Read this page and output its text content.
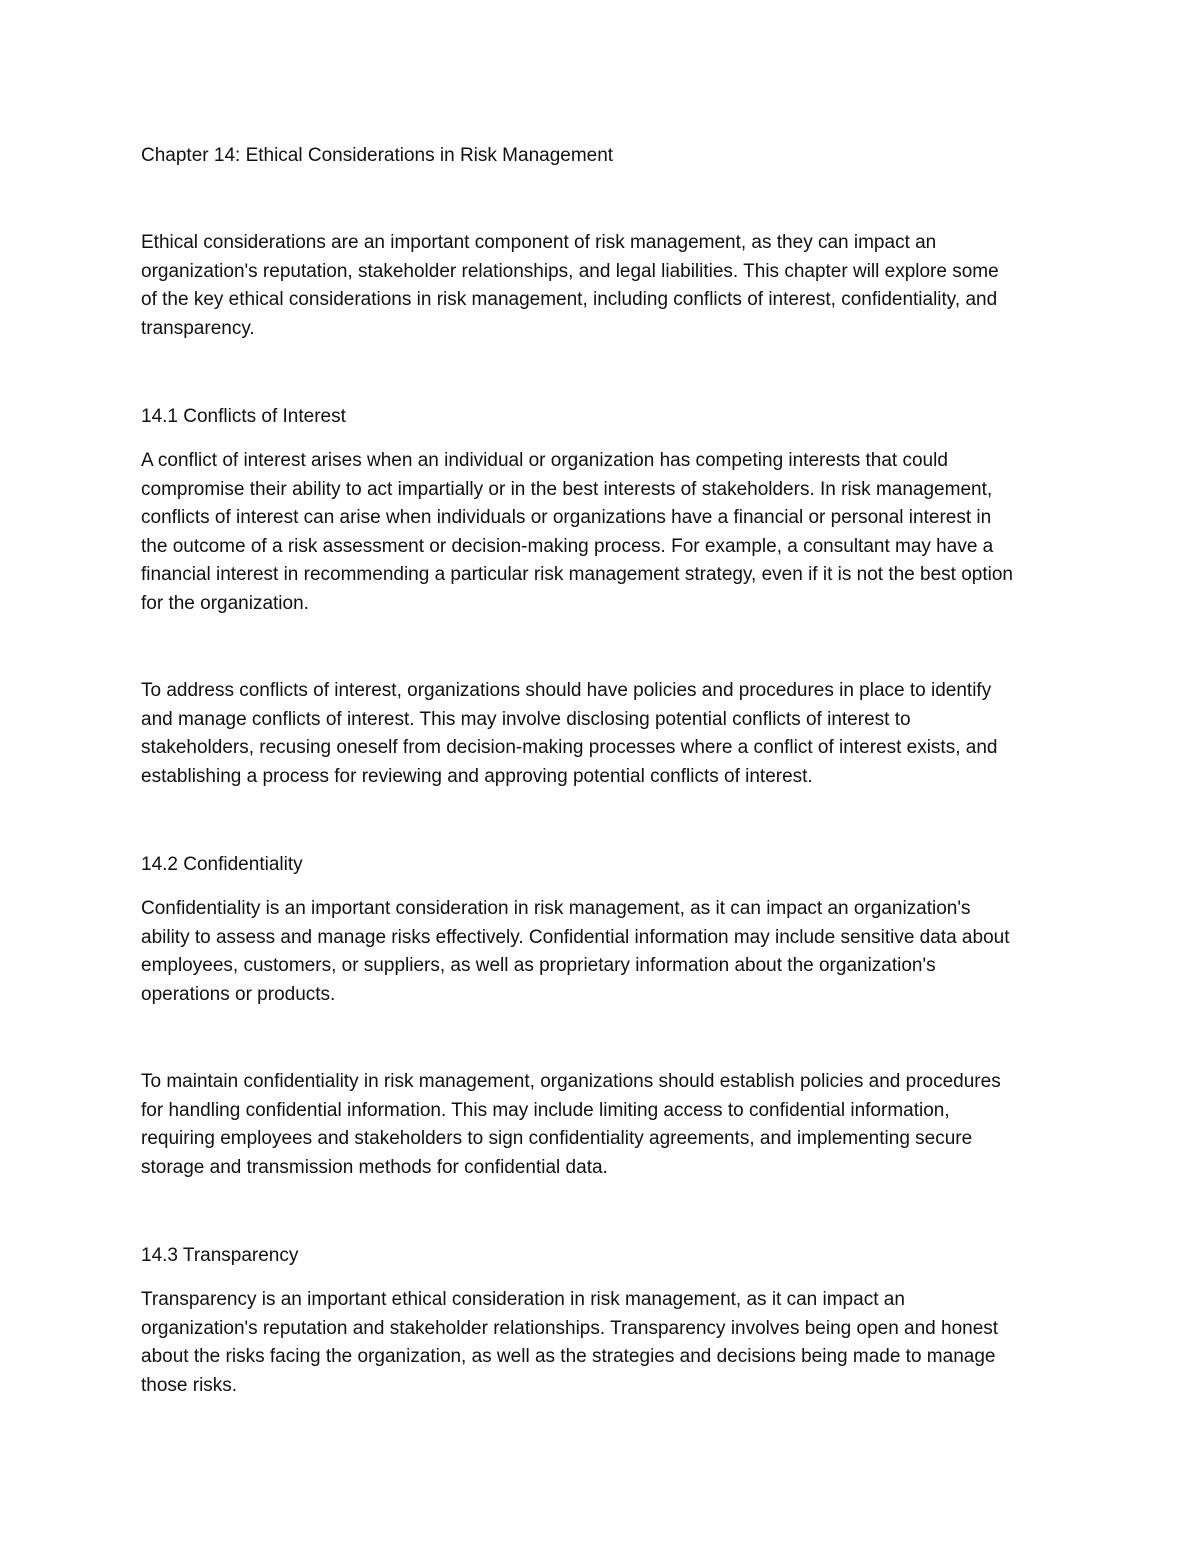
Chapter 14: Ethical Considerations in Risk Management

Ethical considerations are an important component of risk management, as they can impact an
organization's reputation, stakeholder relationships, and legal liabilities. This chapter will explore some
of the key ethical considerations in risk management, including conflicts of interest, confidentiality, and
transparency.

14.1 Conflicts of Interest

A conflict of interest arises when an individual or organization has competing interests that could
compromise their ability to act impartially or in the best interests of stakeholders. In risk management,
conflicts of interest can arise when individuals or organizations have a financial or personal interest in
the outcome of a risk assessment or decision-making process. For example, a consultant may have a
financial interest in recommending a particular risk management strategy, even if it is not the best option
for the organization.

To address conflicts of interest, organizations should have policies and procedures in place to identify
and manage conflicts of interest. This may involve disclosing potential conflicts of interest to
stakeholders, recusing oneself from decision-making processes where a conflict of interest exists, and
establishing a process for reviewing and approving potential conflicts of interest.

14.2 Confidentiality

Confidentiality is an important consideration in risk management, as it can impact an organization's
ability to assess and manage risks effectively. Confidential information may include sensitive data about
employees, customers, or suppliers, as well as proprietary information about the organization's
operations or products.

To maintain confidentiality in risk management, organizations should establish policies and procedures
for handling confidential information. This may include limiting access to confidential information,
requiring employees and stakeholders to sign confidentiality agreements, and implementing secure
storage and transmission methods for confidential data.

14.3 Transparency

Transparency is an important ethical consideration in risk management, as it can impact an
organization's reputation and stakeholder relationships. Transparency involves being open and honest
about the risks facing the organization, as well as the strategies and decisions being made to manage
those risks.
